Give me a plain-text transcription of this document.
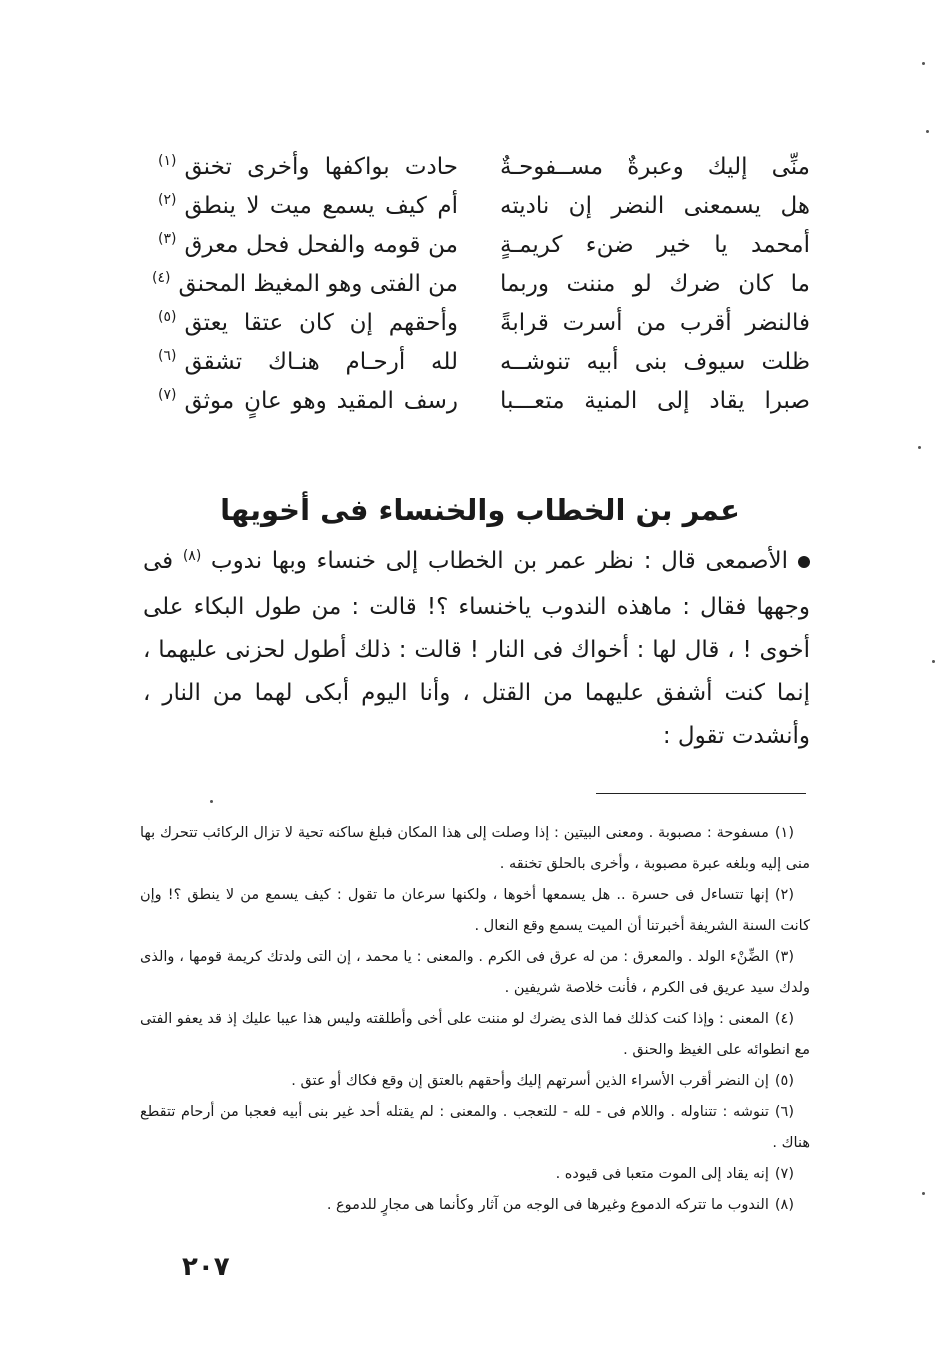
منِّى إليك وعبرةٌ مســفوحـةٌ
حادت بواكفها وأخرى تخنق
(١)
هل يسمعنى النضر إن ناديته
أم كيف يسمع ميت لا ينطق
(٢)
أمحمد يا خير ضنء كريمـةٍ
من قومه والفحل فحل معرق
(٣)
ما كان ضرك لو مننت وربما
من الفتى وهو المغيظ المحنق
(٤)
فالنضر أقرب من أسرت قرابةً
وأحقهم إن كان عتقا يعتق
(٥)
ظلت سيوف بنى أبيه تنوشــه
لله أرحـام هنـاك تشقق
(٦)
صبرا يقاد إلى المنية متعـــبا
رسف المقيد وهو عانٍ موثق
(٧)
عمر بن الخطاب والخنساء فى أخويها
الأصمعى قال : نظر عمر بن الخطاب إلى خنساء وبها ندوب $^{(٨)}$ فى وجهها فقال : ماهذه الندوب ياخنساء ؟! قالت : من طول البكاء على أخوى ! ، قال لها : أخواك فى النار ! قالت : ذلك أطول لحزنى عليهما ، إنما كنت أشفق عليهما من القتل ، وأنا اليوم أبكى لهما من النار ، وأنشدت تقول :
(١)مسفوحة : مصبوبة . ومعنى البيتين : إذا وصلت إلى هذا المكان فبلغ ساكنه تحية لا تزال الركائب تتحرك بها منى إليه وبلغه عبرة مصبوبة ، وأخرى بالحلق تخنقه .
(٢)إنها تتساءل فى حسرة .. هل يسمعها أخوها ، ولكنها سرعان ما تقول : كيف يسمع من لا ينطق ؟! وإن كانت السنة الشريفة أخبرتنا أن الميت يسمع وقع النعال .
(٣)الضِّنْء الولد . والمعرق : من له عرق فى الكرم . والمعنى : يا محمد ، إن التى ولدتك كريمة قومها ، والذى ولدك سيد عريق فى الكرم ، فأنت خلاصة شريفين .
(٤)المعنى : وإذا كنت كذلك فما الذى يضرك لو مننت على أخى وأطلقته وليس هذا عيبا عليك إذ قد يعفو الفتى مع انطوائه على الغيظ والحنق .
(٥)إن النضر أقرب الأسراء الذين أسرتهم إليك وأحقهم بالعتق إن وقع فكاك أو عتق .
(٦)تنوشه : تتناوله . واللام فى - لله - للتعجب . والمعنى : لم يقتله أحد غير بنى أبيه فعجبا من أرحام تتقطع هناك .
(٧)إنه يقاد إلى الموت متعبا فى قيوده .
(٨)الندوب ما تتركه الدموع وغيرها فى الوجه من آثار وكأنما هى مجارٍ للدموع .
٢٠٧
